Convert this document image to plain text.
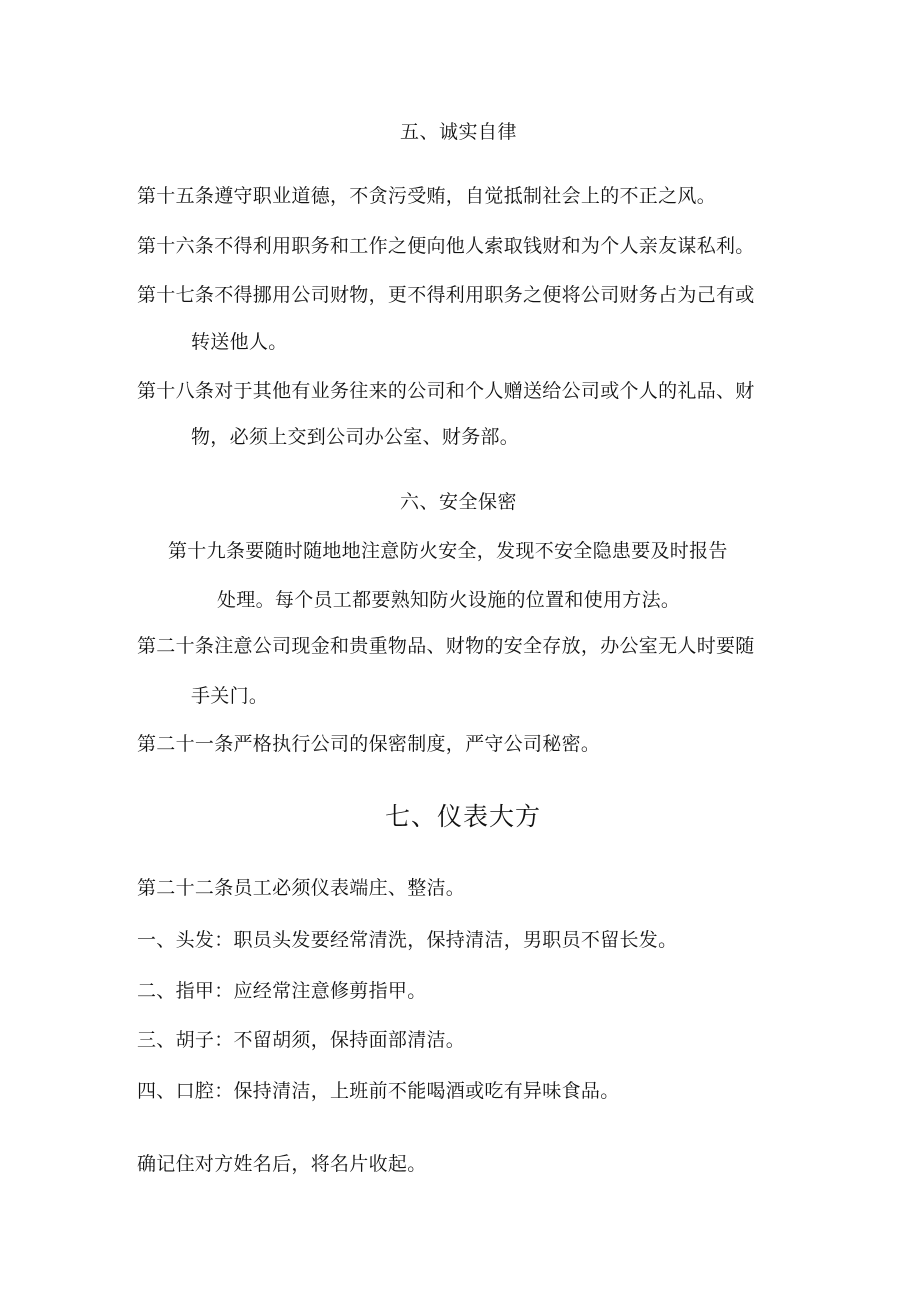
五、诚实自律
第十五条遵守职业道德，不贪污受贿，自觉抵制社会上的不正之风。
第十六条不得利用职务和工作之便向他人索取钱财和为个人亲友谋私利。
第十七条不得挪用公司财物，更不得利用职务之便将公司财务占为己有或
转送他人。
第十八条对于其他有业务往来的公司和个人赠送给公司或个人的礼品、财
物，必须上交到公司办公室、财务部。
六、安全保密
第十九条要随时随地地注意防火安全，发现不安全隐患要及时报告
处理。每个员工都要熟知防火设施的位置和使用方法。
第二十条注意公司现金和贵重物品、财物的安全存放，办公室无人时要随
手关门。
第二十一条严格执行公司的保密制度，严守公司秘密。
七、仪表大方
第二十二条员工必须仪表端庄、整洁。
一、头发：职员头发要经常清洗，保持清洁，男职员不留长发。
二、指甲：应经常注意修剪指甲。
三、胡子：不留胡须，保持面部清洁。
四、口腔：保持清洁，上班前不能喝酒或吃有异味食品。
确记住对方姓名后，将名片收起。
